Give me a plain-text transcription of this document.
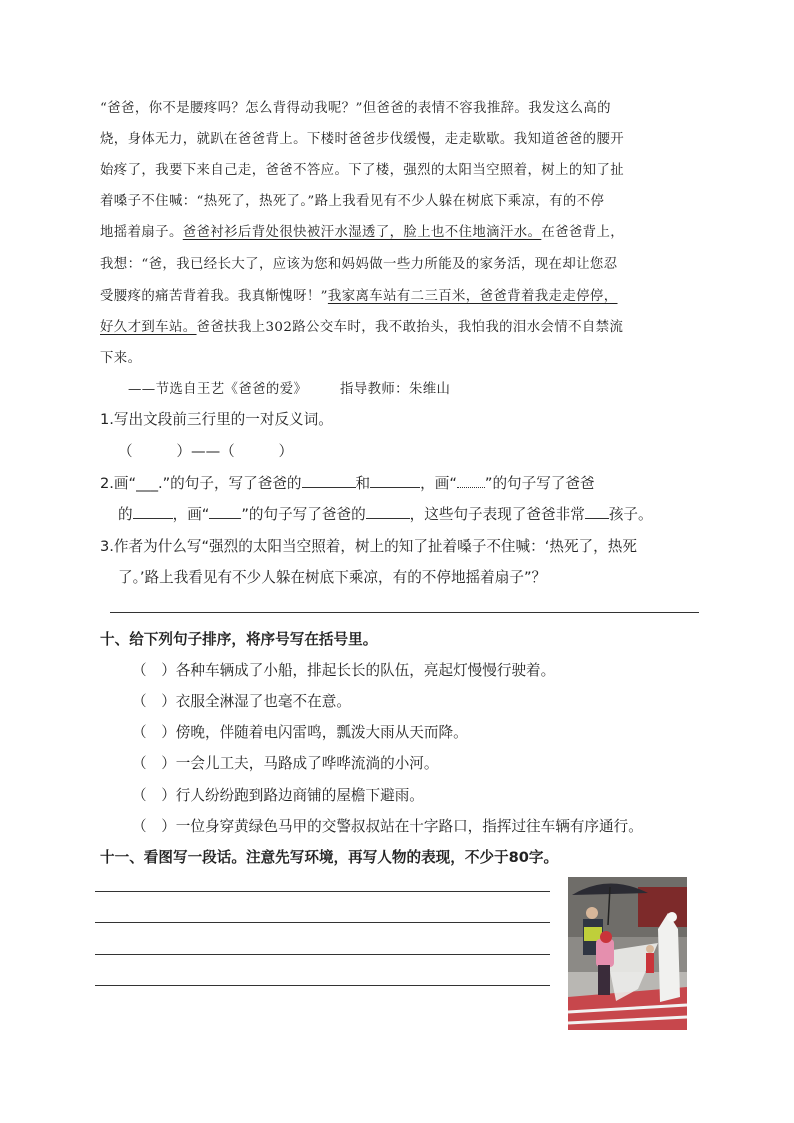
“爸爸，你不是腰疼吗？怎么背得动我呢？”但爸爸的表情不容我推辞。我发这么高的
烧，身体无力，就趴在爸爸背上。下楼时爸爸步伐缓慢，走走歇歇。我知道爸爸的腰开
始疼了，我要下来自己走，爸爸不答应。下了楼，强烈的太阳当空照着，树上的知了扯
着嗓子不住喊：“热死了，热死了。”路上我看见有不少人躲在树底下乘凉，有的不停
地摇着扇子。爸爸衬衫后背处很快被汗水湿透了，脸上也不住地滴汗水。在爸爸背上，
我想：“爸，我已经长大了，应该为您和妈妈做一些力所能及的家务活，现在却让您忍
受腰疼的痛苦背着我。我真惭愧呀！”我家离车站有二三百米，爸爸背着我走走停停，
好久才到车站。爸爸扶我上302路公交车时，我不敢抬头，我怕我的泪水会情不自禁流
下来。
——节选自王艺《爸爸的爱》 指导教师：朱维山
1.写出文段前三行里的一对反义词。
（　　　）——（　　　）
2.画“___.”的句子，写了爸爸的	和	，画“ ”的句子写了爸爸
的	，画“ ”的句子写了爸爸的	，这些句子表现了爸爸非常 孩子。
3.作者为什么写“强烈的太阳当空照着，树上的知了扯着嗓子不住喊：‘热死了，热死
了。’路上我看见有不少人躲在树底下乘凉，有的不停地摇着扇子”？
十、给下列句子排序，将序号写在括号里。
（　）各种车辆成了小船，排起长长的队伍，亮起灯慢慢行驶着。
（　）衣服全淋湿了也毫不在意。
（　）傍晚，伴随着电闪雷鸣，瓢泼大雨从天而降。
（　）一会儿工夫，马路成了哗哗流淌的小河。
（　）行人纷纷跑到路边商铺的屋檐下避雨。
（　）一位身穿黄绿色马甲的交警叔叔站在十字路口，指挥过往车辆有序通行。
十一、看图写一段话。注意先写环境，再写人物的表现，不少于80字。
